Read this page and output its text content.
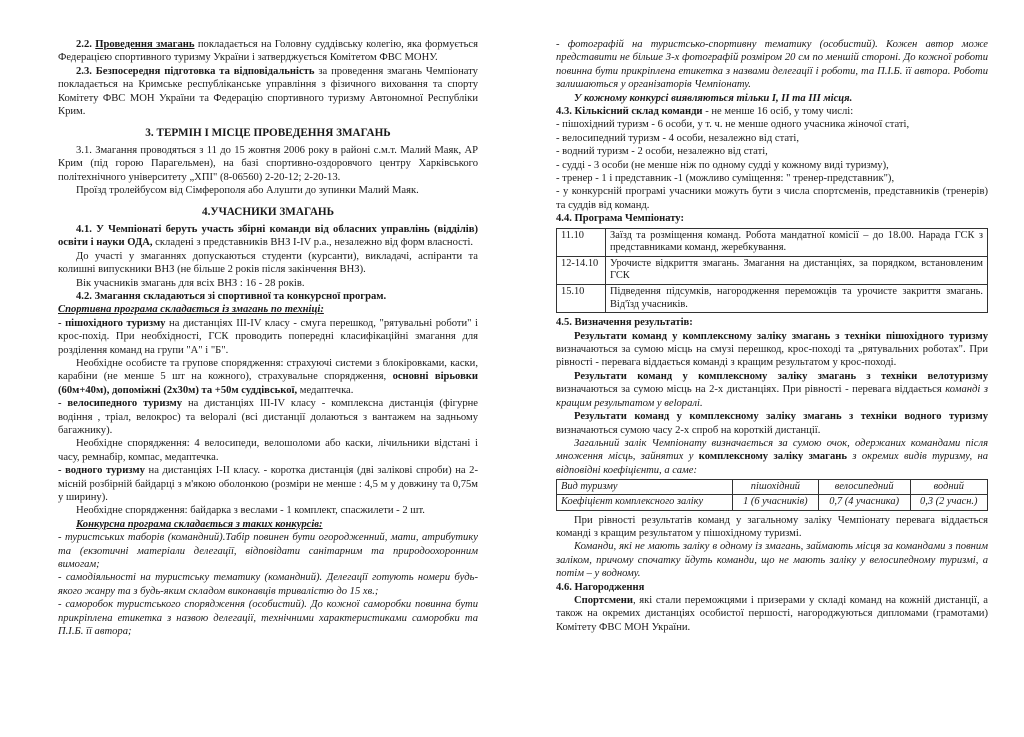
2.2. Проведення змагань покладається на Головну суддівську колегію, яка формується Федерацією спортивного туризму України і затверджується Комітетом ФВС МОНУ.

2.3. Безпосередня підготовка та відповідальність за проведення змагань Чемпіонату покладається на Кримське республіканське управління з фізичного виховання та спорту Комітету ФВС МОН України та Федерацію спортивного туризму Автономної Республіки Крим.

3. ТЕРМІН І МІСЦЕ ПРОВЕДЕННЯ ЗМАГАНЬ

3.1. Змагання проводяться з 11 до 15 жовтня 2006 року в районі с.м.т. Малий Маяк, АР Крим (під горою Парагельмен), на базі спортивно-оздоровчого центру Харківського політехнічного університету „ХПІ" (8-06560) 2-20-12; 2-20-13.

Проїзд тролейбусом від Сімферополя або Алушти до зупинки Малий Маяк.

4.УЧАСНИКИ ЗМАГАНЬ

4.1. У Чемпіонаті беруть участь збірні команди від обласних управлінь (відділів) освіти і науки ОДА, складені з представників ВНЗ І-ІV р.а., незалежно від форм власності.

До участі у змаганнях допускаються студенти (курсанти), викладачі, аспіранти та колишні випускники ВНЗ (не більше 2 років після закінчення ВНЗ).

Вік учасників змагань для всіх ВНЗ : 16 - 28 років.

4.2. Змагання складаються зі спортивної та конкурсної програм.

Спортивна програма складається із змагань по техніці:

- пішохідного туризму на дистанціях ІІІ-IV класу - смуга перешкод, "рятувальні роботи" і крос-похід. При необхідності, ГСК проводить попередні класифікаційні змагання для розділення команд на групи "А" і "Б".

Необхідне особисте та групове спорядження: страхуючі системи з блокіровками, каски, карабіни (не менше 5 шт на кожного), страхувальне спорядження, основні вірьовки (60м+40м), допоміжні (2х30м) та +50м суддівської, медаптечка.

- велосипедного туризму на дистанціях ІІІ-ІV класу - комплексна дистанція (фігурне водіння , тріал, велокрос) та веloралі (всі дистанції долаються з вантажем на задньому багажнику).

Необхідне спорядження: 4 велосипеди, велошоломи або каски, лічильники відстані і часу, ремнабір, компас, медаптечка.

- водного туризму на дистанціях І-ІІ класу. - коротка дистанція (дві залікові спроби) на 2-місній розбірній байдарці з м'якою оболонкою (розміри не менше : 4,5 м у довжину та 0,75м у ширину).

Необхідне спорядження: байдарка з веслами - 1 комплект, спасжилети - 2 шт.

Конкурсна програма складається з таких конкурсів:

- туристських таборів (командний).Табір повинен бути огородженний, мати, атрибутику та (екзотичні матеріали делегації, відповідати санітарним та природоохоронним вимогам;

- самодіяльності на туристську тематику (командний). Делегації готують номери будь-якого жанру та з будь-яким складом виконавців тривалістю до 15 хв.;

- саморобок туристського спорядження (особистий). До кожної саморобки повинна бути прикріплена етикетка з назвою делегації, технічними характеристиками саморобки та П.І.Б. її автора;

- фотографій на туристсько-спортивну тематику (особистий). Кожен автор може представити не більше 3-х фотографій розміром 20 см по меншій стороні. До кожної роботи повинна бути прикріплена етикетка з назвами делегації і роботи, та П.І.Б. її автора. Роботи залишаються у організаторів Чемпіонату.

У кожному конкурсі виявляються тільки І, ІІ та ІІІ місця.

4.3. Кількісний склад команди - не менше 16 осіб, у тому числі:

- пішохідний туризм - 6 особи, у т. ч. не менше одного учасника жіночої статі,

- велосипедний туризм - 4 особи, незалежно від статі,

- водний туризм - 2 особи, незалежно від статі,

- судді - 3 особи (не менше ніж по одному судді у кожному виді туризму),

- тренер - 1 і представник -1 (можливо суміщення: " тренер-представник"),

- у конкурсній програмі учасники можуть бути з числа спортсменів, представників (тренерів) та суддів від команд.

4.4. Програма Чемпіонату:

11.10	Заїзд та розміщення команд. Робота мандатної комісії – до 18.00. Нарада ГСК з представниками команд, жеребкування.
12-14.10	Урочисте відкриття змагань. Змагання на дистанціях, за порядком, встановленим ГСК
15.10	Підведення підсумків, нагородження переможців та урочисте закриття змагань. Від'їзд учасників.

4.5. Визначення результатів:

Результати команд у комплексному заліку змагань з техніки пішохідного туризму визначаються за сумою місць на смузі перешкод, крос-поході та „рятувальних роботах". При рівності - перевага віддається команді з кращим результатом у крос-поході.

Результати команд у комплексному заліку змагань з техніки велотуризму визначаються за сумою місць на 2-х дистанціях. При рівності - перевага віддається команді з кращим результатом у веloралі.

Результати команд у комплексному заліку змагань з техніки водного туризму визначаються сумою часу 2-х спроб на короткій дистанції.

Загальний залік Чемпіонату визначається за сумою очок, одержаних командами після множення місць, зайнятих у комплексному заліку змагань з окремих видів туризму, на відповідні коефіцієнти, а саме:

Вид туризму	пішохідний	велосипедний	водний
Коефіцієнт комплексного заліку	1 (6 учасників)	0,7 (4 учасника)	0,3 (2 учасн.)

При рівності результатів команд у загальному заліку Чемпіонату перевага віддається команді з кращим результатом у пішохідному туризмі.

Команди, які не мають заліку в одному із змагань, займають місця за командами з повним заліком, причому спочатку йдуть команди, що не мають заліку у велосипедному туризмі, а потім – у водному.

4.6. Нагородження

Спортсмени, які стали переможцями і призерами у складі команд на кожній дистанції, а також на окремих дистанціях особистої першості, нагороджуються дипломами (грамотами) Комітету ФВС МОН України.
